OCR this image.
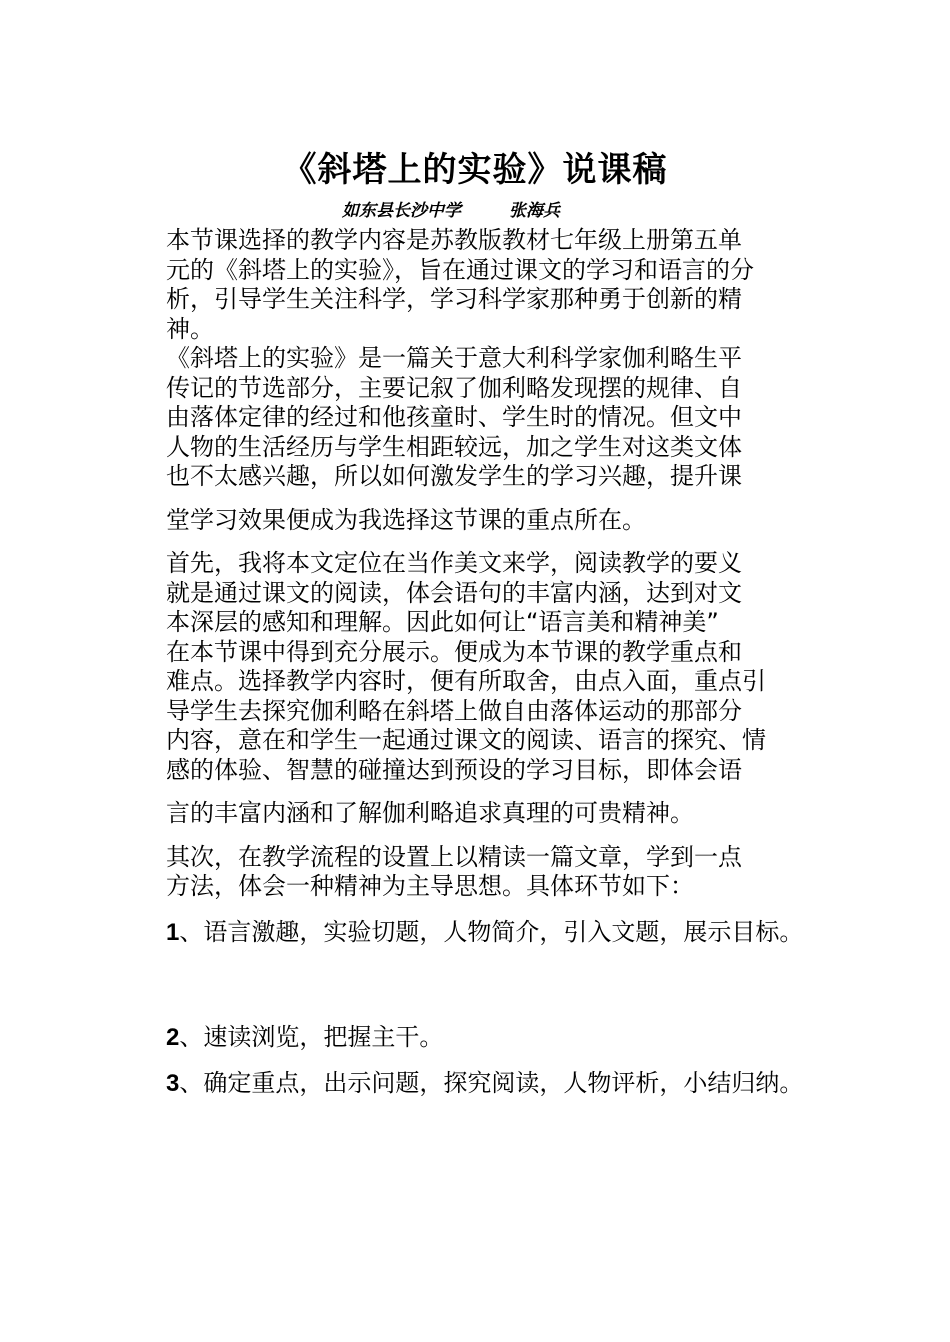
《斜塔上的实验》说课稿
如东县长沙中学	张海兵

本节课选择的教学内容是苏教版教材七年级上册第五单
元的《斜塔上的实验》，旨在通过课文的学习和语言的分
析，引导学生关注科学，学习科学家那种勇于创新的精
神。

《斜塔上的实验》是一篇关于意大利科学家伽利略生平
传记的节选部分，主要记叙了伽利略发现摆的规律、自
由落体定律的经过和他孩童时、学生时的情况。但文中
人物的生活经历与学生相距较远，加之学生对这类文体
也不太感兴趣，所以如何激发学生的学习兴趣，提升课

堂学习效果便成为我选择这节课的重点所在。

首先，我将本文定位在当作美文来学，阅读教学的要义
就是通过课文的阅读，体会语句的丰富内涵，达到对文
本深层的感知和理解。因此如何让“语言美和精神美”
在本节课中得到充分展示。便成为本节课的教学重点和
难点。选择教学内容时，便有所取舍，由点入面，重点引
导学生去探究伽利略在斜塔上做自由落体运动的那部分
内容，意在和学生一起通过课文的阅读、语言的探究、情
感的体验、智慧的碰撞达到预设的学习目标，即体会语

言的丰富内涵和了解伽利略追求真理的可贵精神。

其次，在教学流程的设置上以精读一篇文章，学到一点
方法，体会一种精神为主导思想。具体环节如下：

1、语言激趣，实验切题，人物简介，引入文题，展示目标。

2、速读浏览，把握主干。

3、确定重点，出示问题，探究阅读，人物评析，小结归纳。
